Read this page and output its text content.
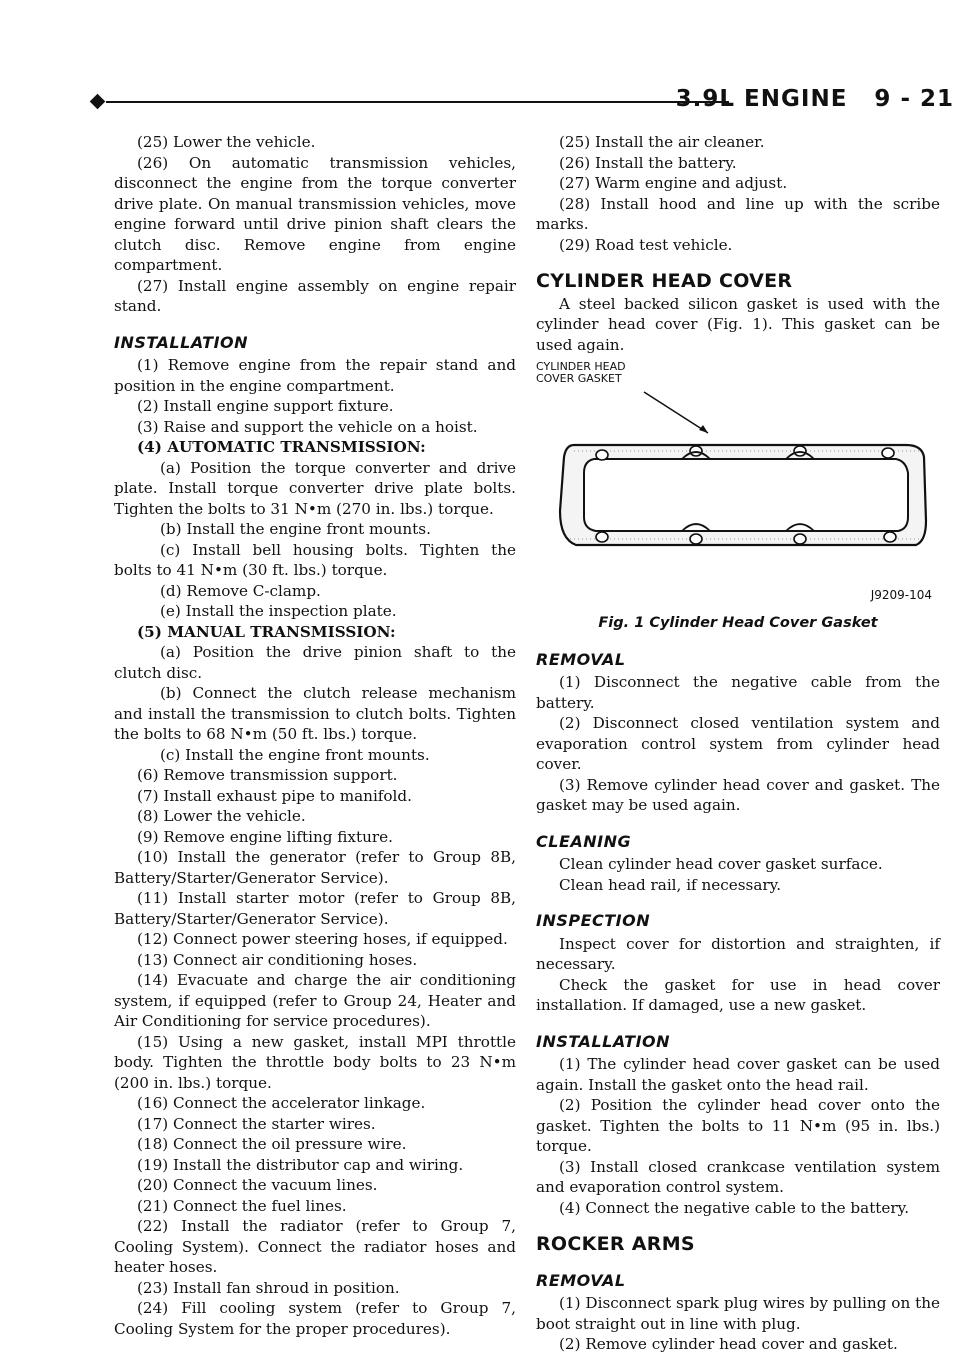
3.9L ENGINE   9 - 21

(25) Lower the vehicle.

(26) On automatic transmission vehicles, disconnect the engine from the torque converter drive plate. On manual transmission vehicles, move engine forward until drive pinion shaft clears the clutch disc. Remove engine from engine compartment.

(27) Install engine assembly on engine repair stand.

INSTALLATION

(1) Remove engine from the repair stand and position in the engine compartment.

(2) Install engine support fixture.

(3) Raise and support the vehicle on a hoist.

(4) AUTOMATIC TRANSMISSION:

(a) Position the torque converter and drive plate. Install torque converter drive plate bolts. Tighten the bolts to 31 N•m (270 in. lbs.) torque.

(b) Install the engine front mounts.

(c) Install bell housing bolts. Tighten the bolts to 41 N•m (30 ft. lbs.) torque.

(d) Remove C-clamp.

(e) Install the inspection plate.

(5) MANUAL TRANSMISSION:

(a) Position the drive pinion shaft to the clutch disc.

(b) Connect the clutch release mechanism and install the transmission to clutch bolts. Tighten the bolts to 68 N•m (50 ft. lbs.) torque.

(c) Install the engine front mounts.

(6) Remove transmission support.

(7) Install exhaust pipe to manifold.

(8) Lower the vehicle.

(9) Remove engine lifting fixture.

(10) Install the generator (refer to Group 8B, Battery/Starter/Generator Service).

(11) Install starter motor (refer to Group 8B, Battery/Starter/Generator Service).

(12) Connect power steering hoses, if equipped.

(13) Connect air conditioning hoses.

(14) Evacuate and charge the air conditioning system, if equipped (refer to Group 24, Heater and Air Conditioning for service procedures).

(15) Using a new gasket, install MPI throttle body. Tighten the throttle body bolts to 23 N•m (200 in. lbs.) torque.

(16) Connect the accelerator linkage.

(17) Connect the starter wires.

(18) Connect the oil pressure wire.

(19) Install the distributor cap and wiring.

(20) Connect the vacuum lines.

(21) Connect the fuel lines.

(22) Install the radiator (refer to Group 7, Cooling System). Connect the radiator hoses and heater hoses.

(23) Install fan shroud in position.

(24) Fill cooling system (refer to Group 7, Cooling System for the proper procedures).

(25) Install the air cleaner.

(26) Install the battery.

(27) Warm engine and adjust.

(28) Install hood and line up with the scribe marks.

(29) Road test vehicle.

CYLINDER HEAD COVER

A steel backed silicon gasket is used with the cylinder head cover (Fig. 1). This gasket can be used again.

CYLINDER HEAD
COVER GASKET
J9209-104

Fig. 1 Cylinder Head Cover Gasket

REMOVAL

(1) Disconnect the negative cable from the battery.

(2) Disconnect closed ventilation system and evaporation control system from cylinder head cover.

(3) Remove cylinder head cover and gasket. The gasket may be used again.

CLEANING

Clean cylinder head cover gasket surface.

Clean head rail, if necessary.

INSPECTION

Inspect cover for distortion and straighten, if necessary.

Check the gasket for use in head cover installation. If damaged, use a new gasket.

INSTALLATION

(1) The cylinder head cover gasket can be used again. Install the gasket onto the head rail.

(2) Position the cylinder head cover onto the gasket. Tighten the bolts to 11 N•m (95 in. lbs.) torque.

(3) Install closed crankcase ventilation system and evaporation control system.

(4) Connect the negative cable to the battery.

ROCKER ARMS

REMOVAL

(1) Disconnect spark plug wires by pulling on the boot straight out in line with plug.

(2) Remove cylinder head cover and gasket.
